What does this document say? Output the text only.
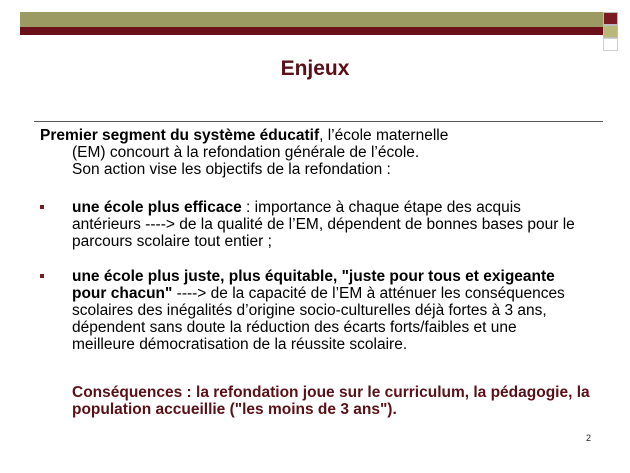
Enjeux
Premier segment du système éducatif, l’école maternelle
(EM) concourt à la refondation générale de l’école.
Son action vise les objectifs de la refondation :
une école plus efficace : importance à chaque étape des acquis antérieurs ----> de la qualité de l’EM, dépendent de bonnes bases pour le parcours scolaire tout entier ;
une école plus juste, plus équitable, "juste pour tous et exigeante pour chacun" ----> de la capacité de l’EM à atténuer les conséquences scolaires des inégalités d’origine socio-culturelles déjà fortes à 3 ans, dépendent sans doute la réduction des écarts forts/faibles et une meilleure démocratisation de la réussite scolaire.
Conséquences : la refondation joue sur le curriculum, la pédagogie, la population accueillie ("les moins de 3 ans").
2
